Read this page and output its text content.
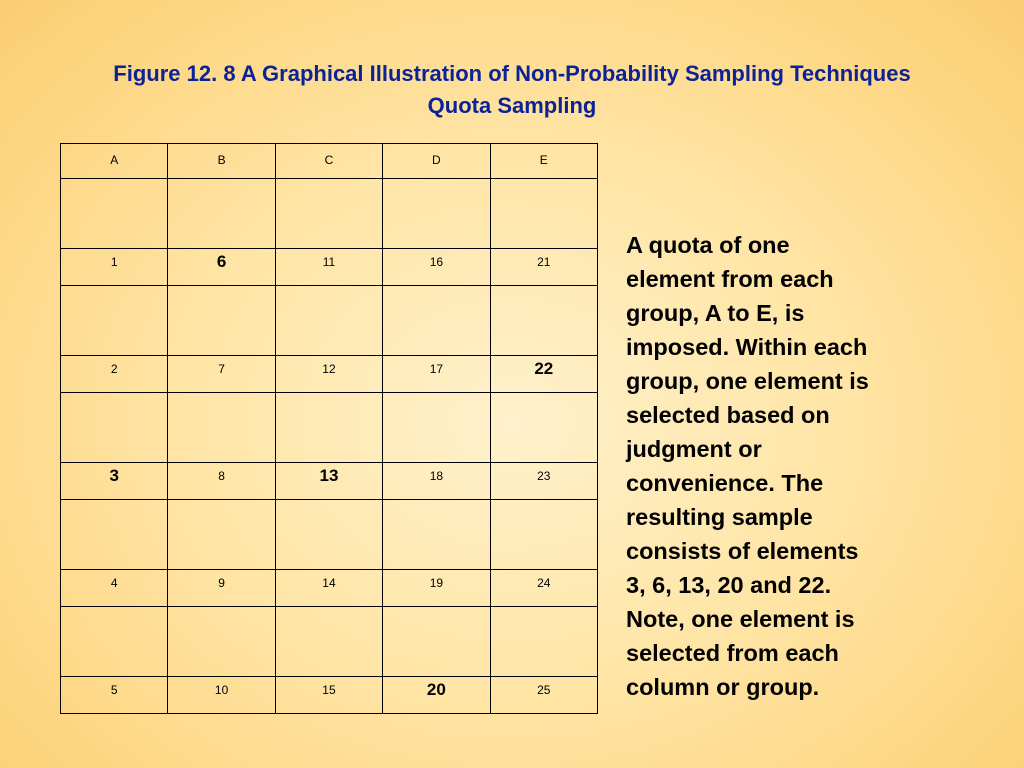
Figure 12. 8 A Graphical Illustration of Non-Probability Sampling Techniques
Quota Sampling
A	B	C	D	E

1	6	11	16	21

2	7	12	17	22

3	8	13	18	23

4	9	14	19	24

5	10	15	20	25
A quota of one
element from each
group, A to E, is
imposed. Within each
group, one element is
selected based on
judgment or
convenience. The
resulting sample
consists of elements
3, 6, 13, 20 and 22.
Note, one element is
selected from each
column or group.
